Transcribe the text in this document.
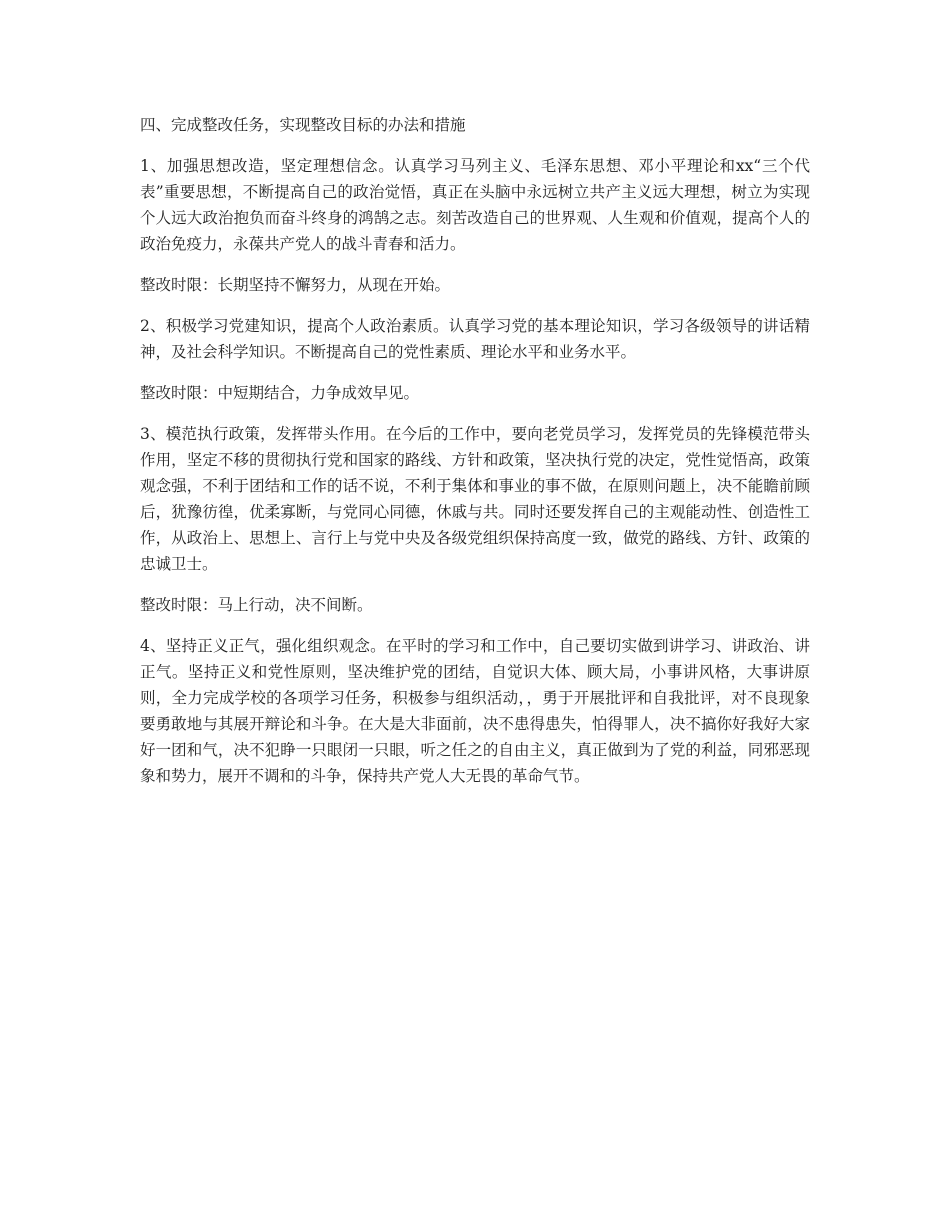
四、完成整改任务，实现整改目标的办法和措施

1、加强思想改造，坚定理想信念。认真学习马列主义、毛泽东思想、邓小平理论和xx“三个代表”重要思想，不断提高自己的政治觉悟，真正在头脑中永远树立共产主义远大理想，树立为实现个人远大政治抱负而奋斗终身的鸿鹄之志。刻苦改造自己的世界观、人生观和价值观，提高个人的政治免疫力，永葆共产党人的战斗青春和活力。

整改时限：长期坚持不懈努力，从现在开始。

2、积极学习党建知识，提高个人政治素质。认真学习党的基本理论知识，学习各级领导的讲话精神，及社会科学知识。不断提高自己的党性素质、理论水平和业务水平。

整改时限：中短期结合，力争成效早见。

3、模范执行政策，发挥带头作用。在今后的工作中，要向老党员学习，发挥党员的先锋模范带头作用，坚定不移的贯彻执行党和国家的路线、方针和政策，坚决执行党的决定，党性觉悟高，政策观念强，不利于团结和工作的话不说，不利于集体和事业的事不做，在原则问题上，决不能瞻前顾后，犹豫彷徨，优柔寡断，与党同心同德，休戚与共。同时还要发挥自己的主观能动性、创造性工作，从政治上、思想上、言行上与党中央及各级党组织保持高度一致，做党的路线、方针、政策的忠诚卫士。

整改时限：马上行动，决不间断。

4、坚持正义正气，强化组织观念。在平时的学习和工作中，自己要切实做到讲学习、讲政治、讲正气。坚持正义和党性原则，坚决维护党的团结，自觉识大体、顾大局，小事讲风格，大事讲原则，全力完成学校的各项学习任务，积极参与组织活动，，勇于开展批评和自我批评，对不良现象要勇敢地与其展开辩论和斗争。在大是大非面前，决不患得患失，怕得罪人，决不搞你好我好大家好一团和气，决不犯睁一只眼闭一只眼，听之任之的自由主义，真正做到为了党的利益，同邪恶现象和势力，展开不调和的斗争，保持共产党人大无畏的革命气节。
